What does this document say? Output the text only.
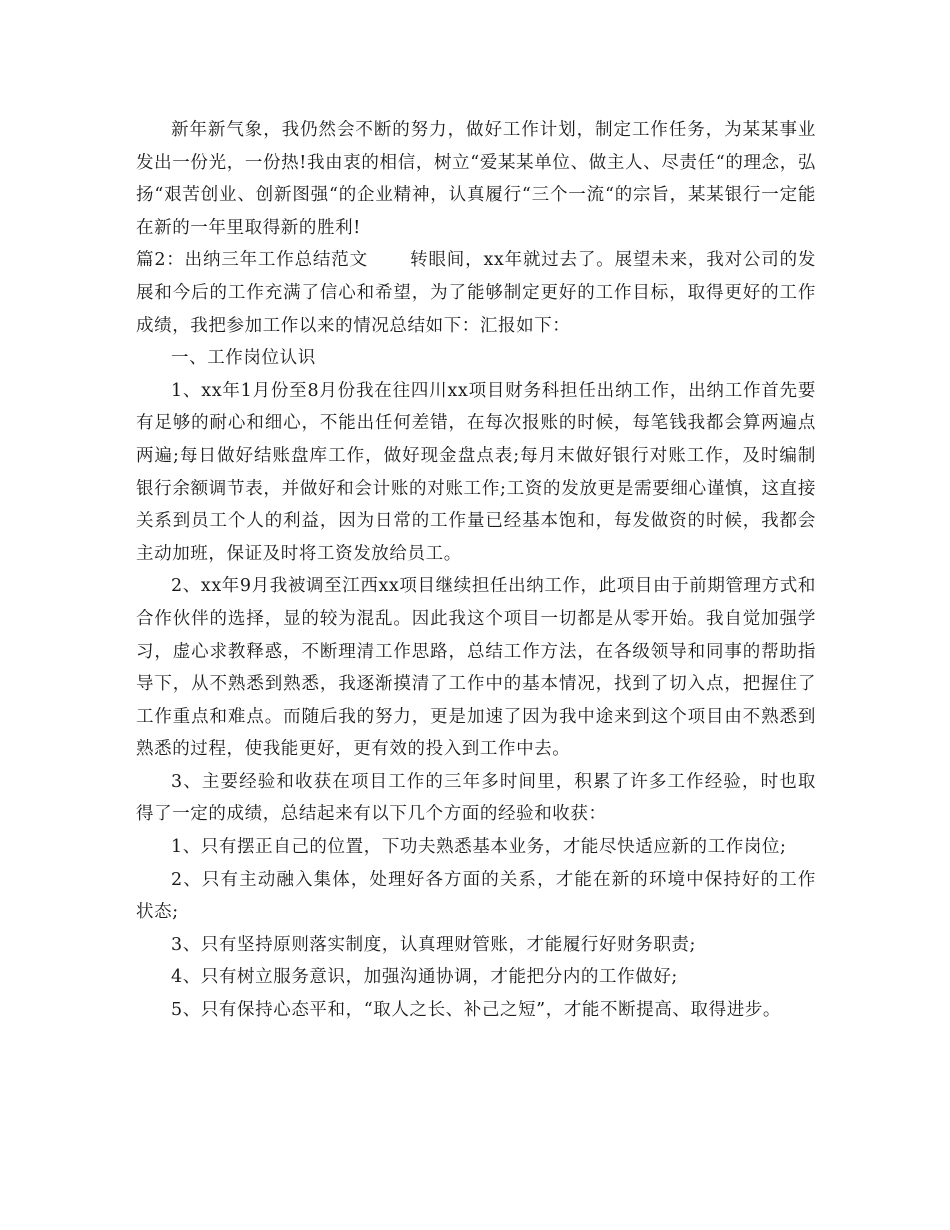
新年新气象，我仍然会不断的努力，做好工作计划，制定工作任务，为某某事业发出一份光，一份热!我由衷的相信，树立“爱某某单位、做主人、尽责任“的理念，弘扬“艰苦创业、创新图强“的企业精神，认真履行“三个一流“的宗旨，某某银行一定能在新的一年里取得新的胜利!

篇2：出纳三年工作总结范文 转眼间，xx年就过去了。展望未来，我对公司的发展和今后的工作充满了信心和希望，为了能够制定更好的工作目标，取得更好的工作成绩，我把参加工作以来的情况总结如下：汇报如下：

一、工作岗位认识

1、xx年1月份至8月份我在往四川xx项目财务科担任出纳工作，出纳工作首先要有足够的耐心和细心，不能出任何差错，在每次报账的时候，每笔钱我都会算两遍点两遍;每日做好结账盘库工作，做好现金盘点表;每月末做好银行对账工作，及时编制银行余额调节表，并做好和会计账的对账工作;工资的发放更是需要细心谨慎，这直接关系到员工个人的利益，因为日常的工作量已经基本饱和，每发做资的时候，我都会主动加班，保证及时将工资发放给员工。

2、xx年9月我被调至江西xx项目继续担任出纳工作，此项目由于前期管理方式和合作伙伴的选择，显的较为混乱。因此我这个项目一切都是从零开始。我自觉加强学习，虚心求教释惑，不断理清工作思路，总结工作方法，在各级领导和同事的帮助指导下，从不熟悉到熟悉，我逐渐摸清了工作中的基本情况，找到了切入点，把握住了工作重点和难点。而随后我的努力，更是加速了因为我中途来到这个项目由不熟悉到熟悉的过程，使我能更好，更有效的投入到工作中去。

3、主要经验和收获在项目工作的三年多时间里，积累了许多工作经验，时也取得了一定的成绩，总结起来有以下几个方面的经验和收获：

1、只有摆正自己的位置，下功夫熟悉基本业务，才能尽快适应新的工作岗位;

2、只有主动融入集体，处理好各方面的关系，才能在新的环境中保持好的工作状态;

3、只有坚持原则落实制度，认真理财管账，才能履行好财务职责;

4、只有树立服务意识，加强沟通协调，才能把分内的工作做好;

5、只有保持心态平和，“取人之长、补己之短”，才能不断提高、取得进步。
